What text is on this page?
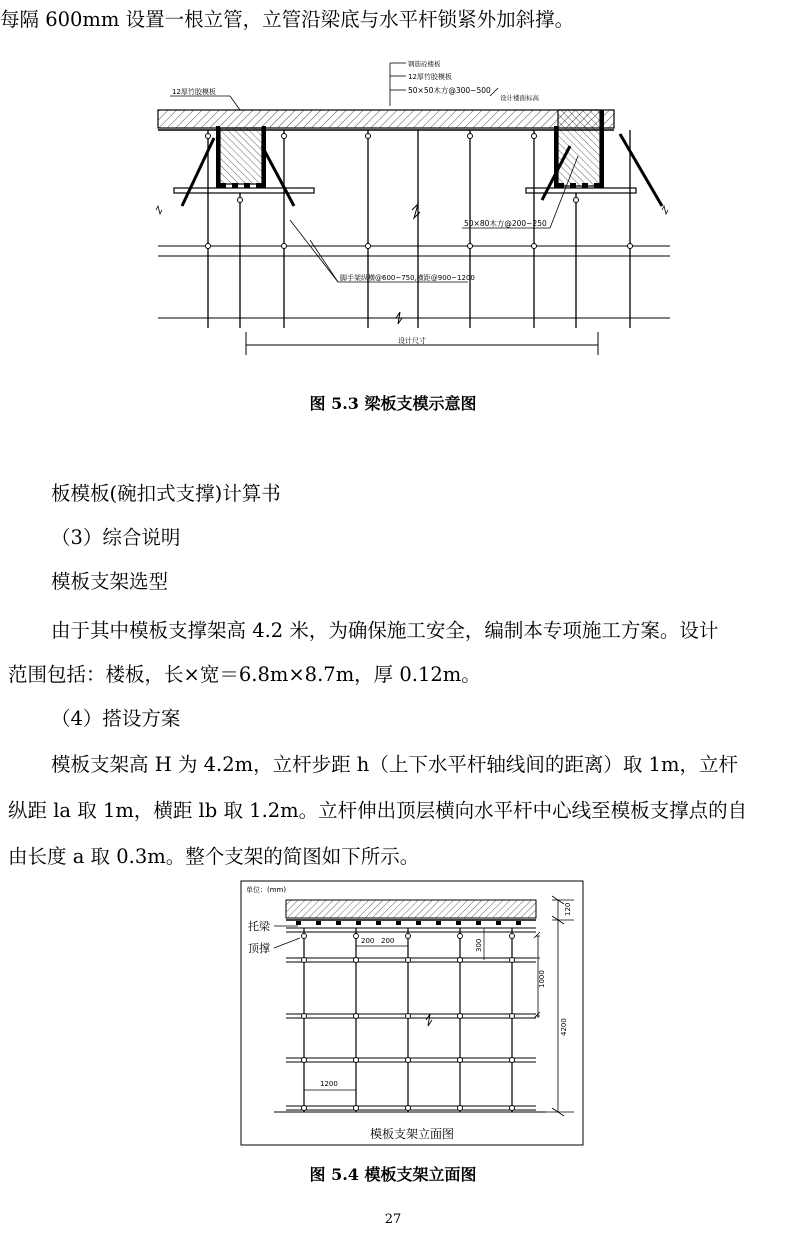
每隔 600mm 设置一根立管，立管沿梁底与水平杆锁紧外加斜撑。
设计尺寸
钢筋砼楼板
12厚竹胶模板
50×50木方@300~500
设计楼面标高
12厚竹胶模板
50×80木方@200~250
脚手架纵横@600~750,横距@900~1200
图 5.3 梁板支模示意图
板模板(碗扣式支撑)计算书
（3）综合说明
模板支架选型
由于其中模板支撑架高 4.2 米，为确保施工安全，编制本专项施工方案。设计
范围包括：楼板，长×宽＝6.8m×8.7m，厚 0.12m。
（4）搭设方案
模板支架高 H 为 4.2m，立杆步距 h（上下水平杆轴线间的距离）取 1m，立杆
纵距 la 取 1m，横距 lb 取 1.2m。立杆伸出顶层横向水平杆中心线至模板支撑点的自
由长度 a 取 0.3m。整个支架的简图如下所示。
单位：(mm)
托梁
顶撑
200 200	300
120
1000
4200
1200
模板支架立面图
图 5.4 模板支架立面图
27
